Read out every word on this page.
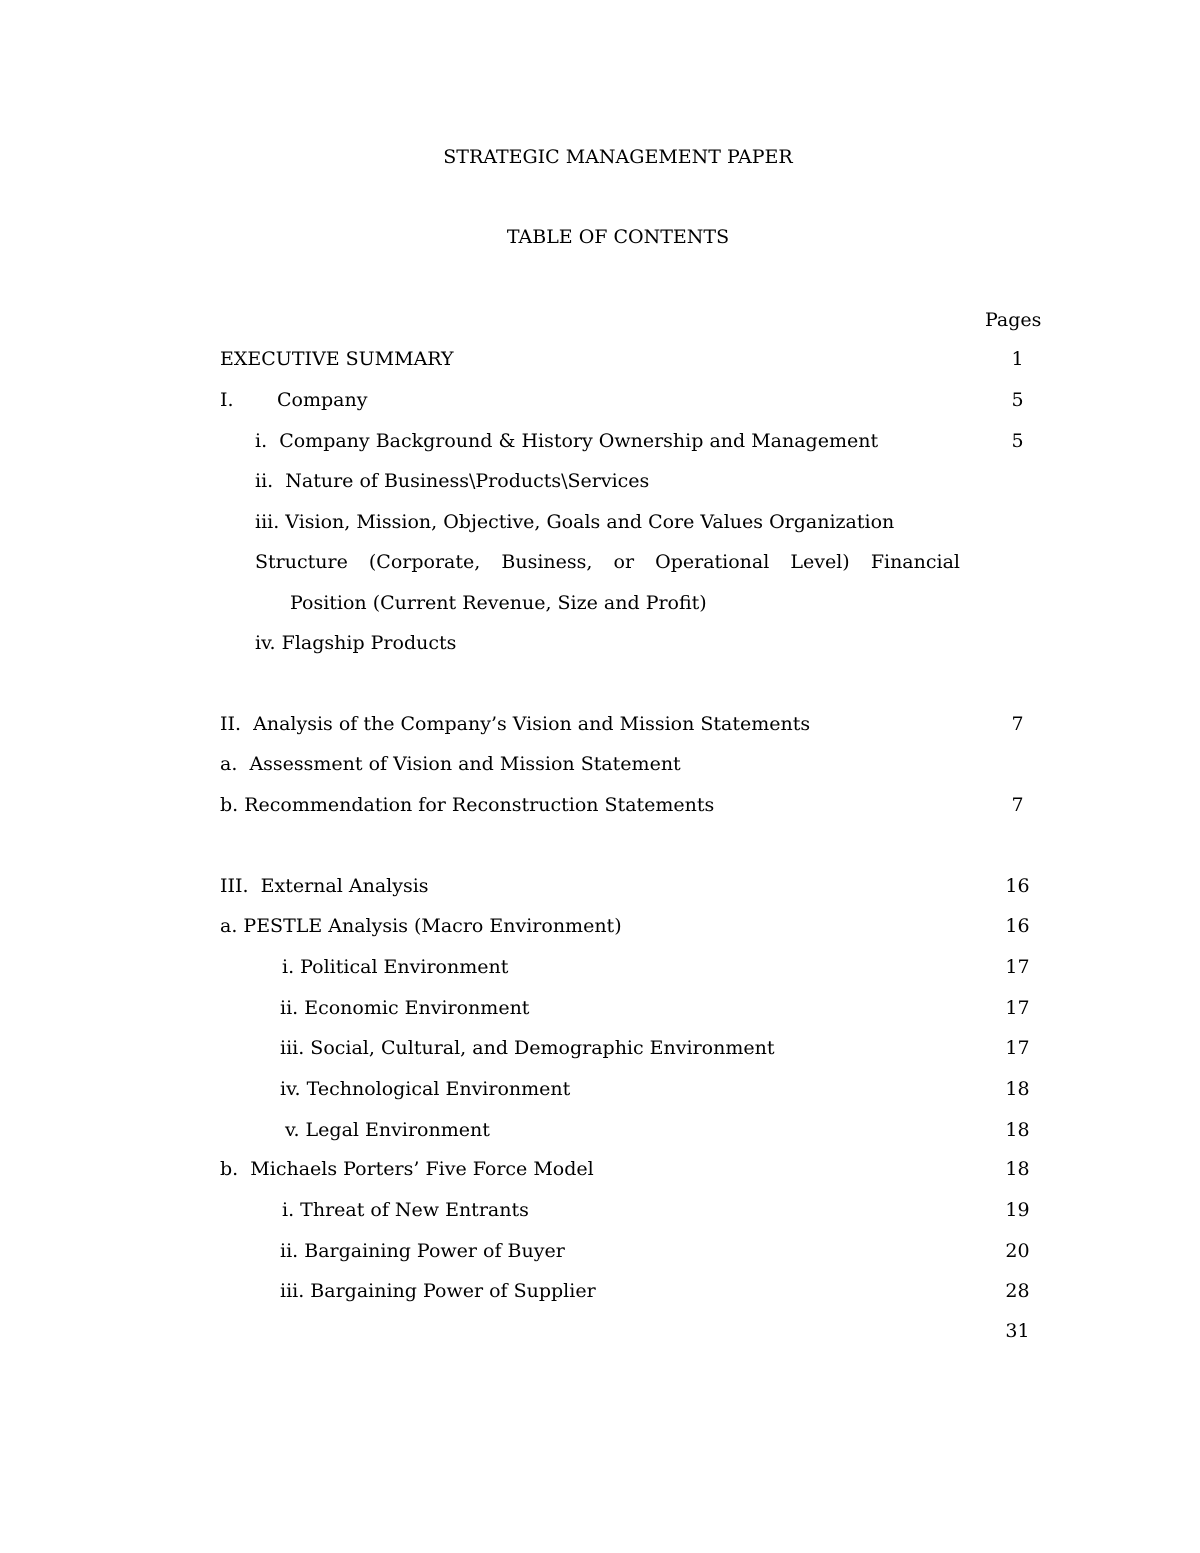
STRATEGIC MANAGEMENT PAPER
TABLE OF CONTENTS
Pages
EXECUTIVE SUMMARY	1
I. Company	5
i.  Company Background & History Ownership and Management	5
ii.  Nature of Business\Products\Services
iii. Vision, Mission, Objective, Goals and Core Values Organization
Structure (Corporate, Business, or Operational Level) Financial
Position (Current Revenue, Size and Profit)
iv. Flagship Products
II.  Analysis of the Company’s Vision and Mission Statements	7
a.  Assessment of Vision and Mission Statement
b. Recommendation for Reconstruction Statements	7
III.  External Analysis	16
a. PESTLE Analysis (Macro Environment)	16
i. Political Environment	17
ii. Economic Environment	17
iii. Social, Cultural, and Demographic Environment	17
iv. Technological Environment	18
v. Legal Environment	18
b.  Michaels Porters’ Five Force Model	18
i. Threat of New Entrants	19
ii. Bargaining Power of Buyer	20
iii. Bargaining Power of Supplier	28
31
